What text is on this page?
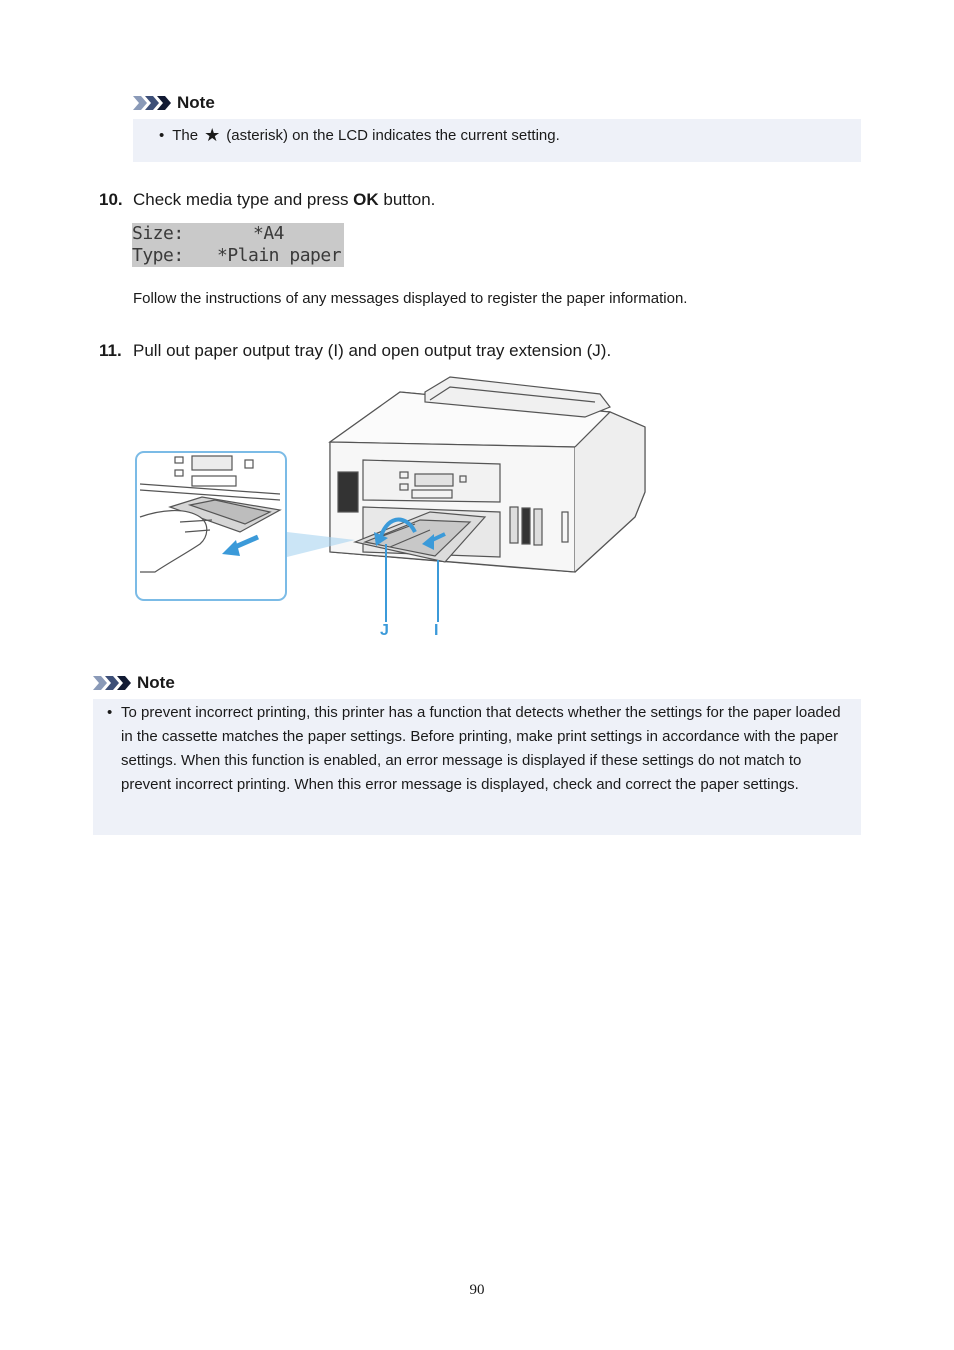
Note
• The ★ (asterisk) on the LCD indicates the current setting.
10. Check media type and press OK button.
Size:	*A4
Type:	*Plain paper
Follow the instructions of any messages displayed to register the paper information.
11. Pull out paper output tray (I) and open output tray extension (J).
J	I
Note
• To prevent incorrect printing, this printer has a function that detects whether the settings for the paper loaded in the cassette matches the paper settings. Before printing, make print settings in accordance with the paper settings. When this function is enabled, an error message is displayed if these settings do not match to prevent incorrect printing. When this error message is displayed, check and correct the paper settings.
90
